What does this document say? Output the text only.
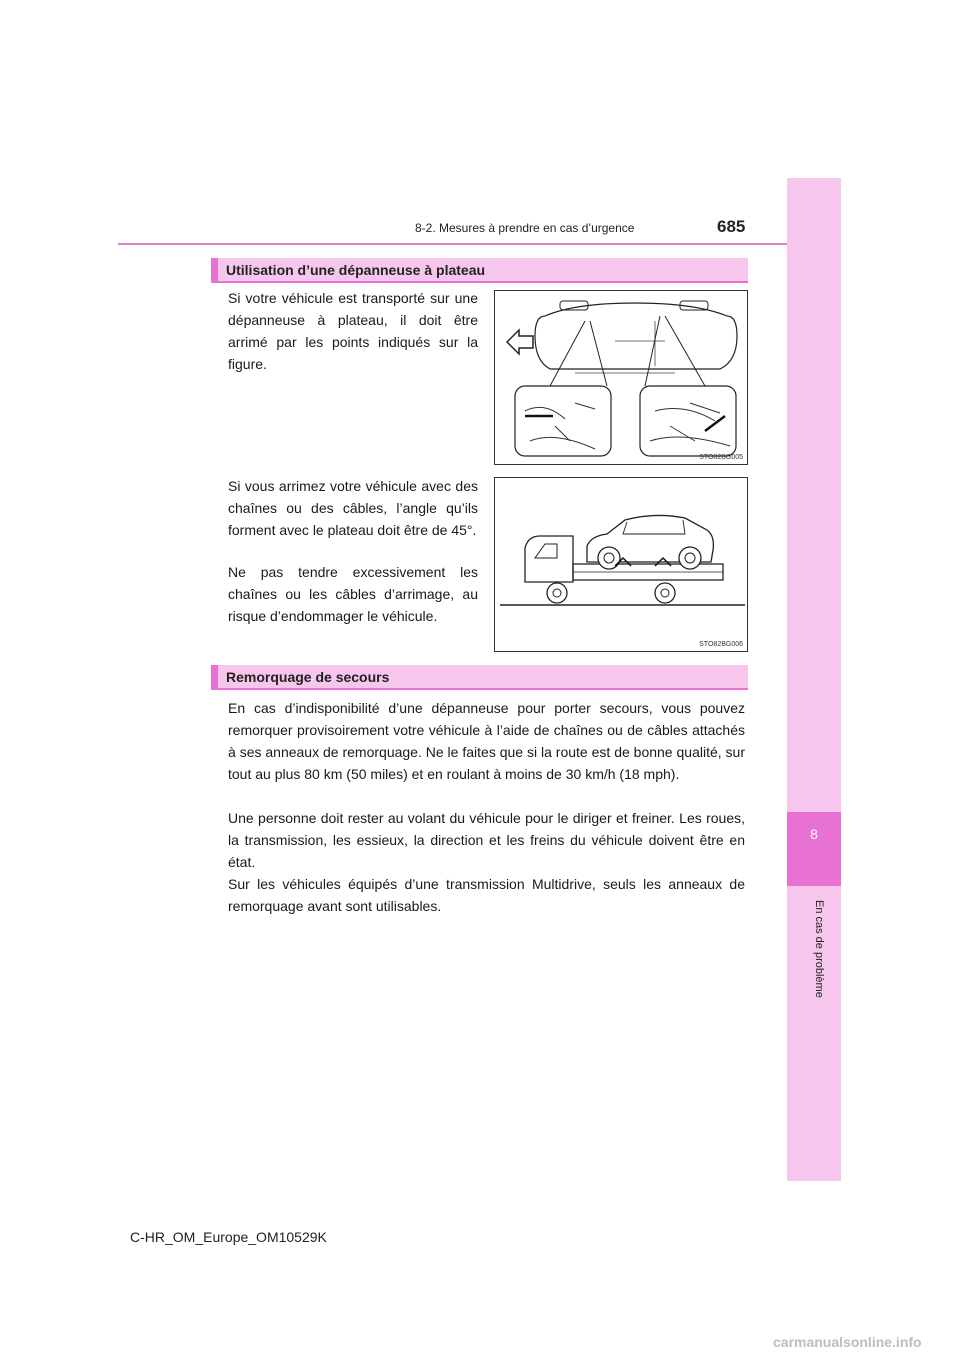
8
En cas de problème
8-2. Mesures à prendre en cas d’urgence	685
Utilisation d’une dépanneuse à plateau

Si votre véhicule est transporté sur une dépanneuse à plateau, il doit être arrimé par les points indiqués sur la figure.

Si vous arrimez votre véhicule avec des chaînes ou des câbles, l’angle qu’ils forment avec le plateau doit être de 45°.

Ne pas tendre excessivement les chaînes ou les câbles d’arrimage, au risque d’endommager le véhicule.

STO82BG005
STO82BG006
Remorquage de secours

En cas d’indisponibilité d’une dépanneuse pour porter secours, vous pouvez remorquer provisoirement votre véhicule à l’aide de chaînes ou de câbles attachés à ses anneaux de remorquage. Ne le faites que si la route est de bonne qualité, sur tout au plus 80 km (50 miles) et en roulant à moins de 30 km/h (18 mph).

Une personne doit rester au volant du véhicule pour le diriger et freiner. Les roues, la transmission, les essieux, la direction et les freins du véhicule doivent être en état.

Sur les véhicules équipés d’une transmission Multidrive, seuls les anneaux de remorquage avant sont utilisables.

C-HR_OM_Europe_OM10529K
carmanualsonline.info
